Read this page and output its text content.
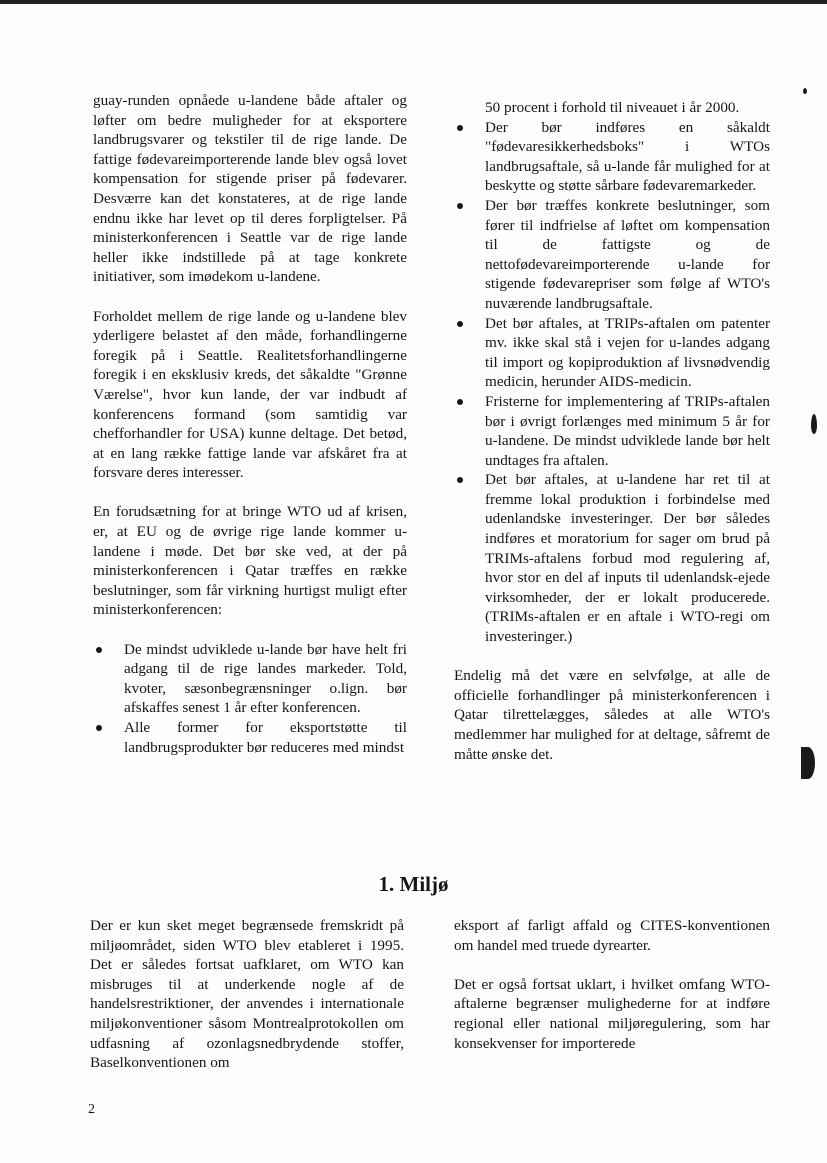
guay-runden opnåede u-landene både aftaler og løfter om bedre muligheder for at eksportere landbrugsvarer og tekstiler til de rige lande. De fattige fødevareimporterende lande blev også lovet kompensation for stigende priser på fødevarer. Desværre kan det konstateres, at de rige lande endnu ikke har levet op til deres forpligtelser. På ministerkonferencen i Seattle var de rige lande heller ikke indstillede på at tage konkrete initiativer, som imødekom u-landene.

Forholdet mellem de rige lande og u-landene blev yderligere belastet af den måde, forhandlingerne foregik på i Seattle. Realitetsforhandlingerne foregik i en eksklusiv kreds, det såkaldte "Grønne Værelse", hvor kun lande, der var indbudt af konferencens formand (som samtidig var chefforhandler for USA) kunne deltage. Det betød, at en lang række fattige lande var afskåret fra at forsvare deres interesser.

En forudsætning for at bringe WTO ud af krisen, er, at EU og de øvrige rige lande kommer u-landene i møde. Det bør ske ved, at der på ministerkonferencen i Qatar træffes en række beslutninger, som får virkning hurtigst muligt efter ministerkonferencen:

De mindst udviklede u-lande bør have helt fri adgang til de rige landes markeder. Told, kvoter, sæsonbegrænsninger o.lign. bør afskaffes senest 1 år efter konferencen.
Alle former for eksportstøtte til landbrugsprodukter bør reduceres med mindst
50 procent i forhold til niveauet i år 2000.
Der bør indføres en såkaldt "fødevaresikkerhedsboks" i WTOs landbrugsaftale, så u-lande får mulighed for at beskytte og støtte sårbare fødevaremarkeder.
Der bør træffes konkrete beslutninger, som fører til indfrielse af løftet om kompensation til de fattigste og de nettofødevareimporterende u-lande for stigende fødevarepriser som følge af WTO's nuværende landbrugsaftale.
Det bør aftales, at TRIPs-aftalen om patenter mv. ikke skal stå i vejen for u-landes adgang til import og kopiproduktion af livsnødvendig medicin, herunder AIDS-medicin.
Fristerne for implementering af TRIPs-aftalen bør i øvrigt forlænges med minimum 5 år for u-landene. De mindst udviklede lande bør helt undtages fra aftalen.
Det bør aftales, at u-landene har ret til at fremme lokal produktion i forbindelse med udenlandske investeringer. Der bør således indføres et moratorium for sager om brud på TRIMs-aftalens forbud mod regulering af, hvor stor en del af inputs til udenlandsk-ejede virksomheder, der er lokalt producerede. (TRIMs-aftalen er en aftale i WTO-regi om investeringer.)

Endelig må det være en selvfølge, at alle de officielle forhandlinger på ministerkonferencen i Qatar tilrettelægges, således at alle WTO's medlemmer har mulighed for at deltage, såfremt de måtte ønske det.

1. Miljø

Der er kun sket meget begrænsede fremskridt på miljøområdet, siden WTO blev etableret i 1995. Det er således fortsat uafklaret, om WTO kan misbruges til at underkende nogle af de handelsrestriktioner, der anvendes i internationale miljøkonventioner såsom Montrealprotokollen om udfasning af ozonlagsnedbrydende stoffer, Baselkonventionen om

eksport af farligt affald og CITES-konventionen om handel med truede dyrearter.

Det er også fortsat uklart, i hvilket omfang WTO-aftalerne begrænser mulighederne for at indføre regional eller national miljøregulering, som har konsekvenser for importerede

2
